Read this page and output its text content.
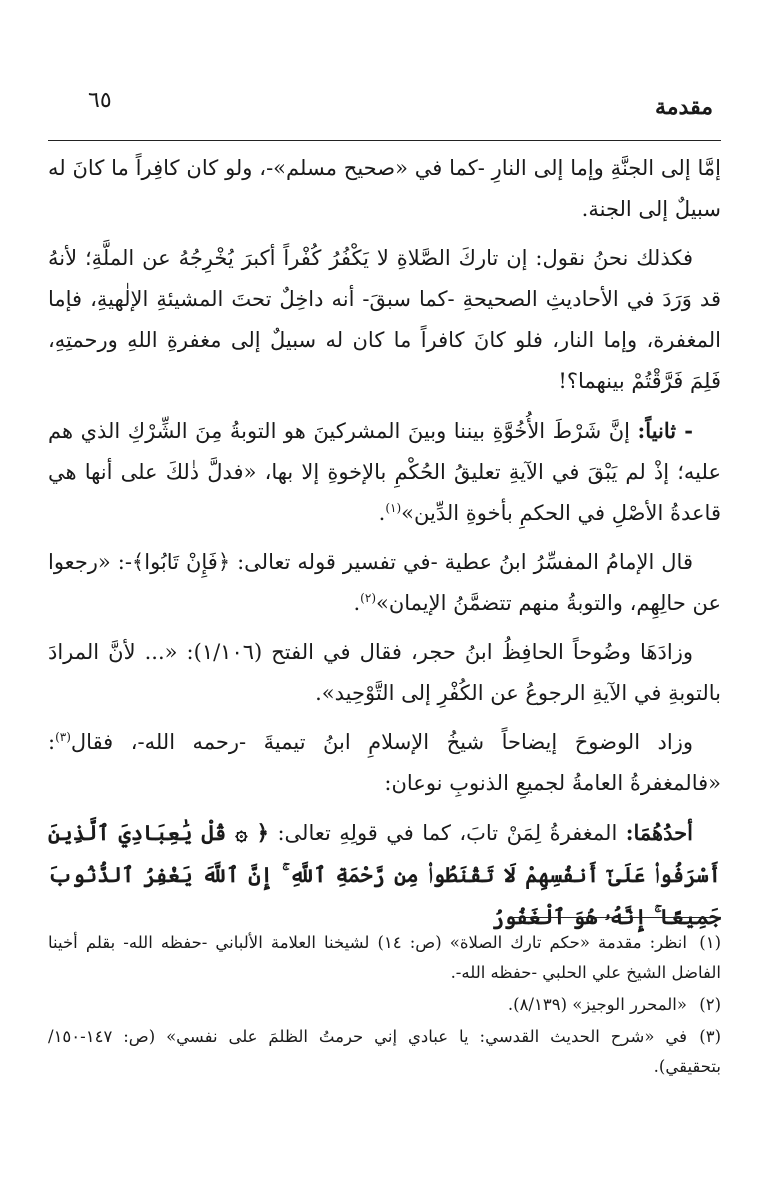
مقدمة
٦٥

إمَّا إلى الجنَّةِ وإما إلى النارِ -كما في «صحيح مسلم»-، ولو كان كافِراً ما كانَ له سبيلٌ إلى الجنة.

فكذلك نحنُ نقول: إن تاركَ الصَّلاةِ لا يَكْفُرُ كُفْراً أكبرَ يُخْرِجُهُ عن الملَّةِ؛ لأنهُ قد وَرَدَ في الأحاديثِ الصحيحةِ -كما سبقَ- أنه داخِلٌ تحتَ المشيئةِ الإلٰهيةِ، فإما المغفرة، وإما النار، فلو كانَ كافراً ما كان له سبيلٌ إلى مغفرةِ اللهِ ورحمتِهِ، فَلِمَ فَرَّقْتُمْ بينهما؟!

- ثانياً: إنَّ شَرْطَ الأُخُوَّةِ بيننا وبينَ المشركينَ هو التوبةُ مِنَ الشِّرْكِ الذي هم عليه؛ إذْ لم يَبْقَ في الآيةِ تعليقُ الحُكْمِ بالإخوةِ إلا بها، «فدلَّ ذٰلكَ على أنها هي قاعدةُ الأصْلِ في الحكمِ بأخوةِ الدِّين»$^{(١)}$.

قال الإمامُ المفسِّرُ ابنُ عطية -في تفسير قوله تعالى: ﴿فَإِنْ تَابُوا﴾-: «رجعوا عن حالِهِم، والتوبةُ منهم تتضمَّنُ الإيمان»$^{(٢)}$.

وزادَهَا وضُوحاً الحافِظُ ابنُ حجر، فقال في الفتح (١/١٠٦): «... لأنَّ المرادَ بالتوبةِ في الآيةِ الرجوعُ عن الكُفْرِ إلى التَّوْحِيد».

وزاد الوضوحَ إيضاحاً شيخُ الإسلامِ ابنُ تيميةَ -رحمه الله-، فقال$^{(٣)}$: «فالمغفرةُ العامةُ لجميعِ الذنوبِ نوعان:

أحدُهُمَا: المغفرةُ لِمَنْ تابَ، كما في قولِهِ تعالى: ﴿ ۞ قُلْ يَٰعِبَادِيَ ٱلَّذِينَ أَسْرَفُوا۟ عَلَىٰٓ أَنفُسِهِمْ لَا تَقْنَطُوا۟ مِن رَّحْمَةِ ٱللَّهِ ۚ إِنَّ ٱللَّهَ يَغْفِرُ ٱلذُّنُوبَ جَمِيعًا ۚ إِنَّهُۥ هُوَ ٱلْغَفُورُ

(١)انظر: مقدمة «حكم تارك الصلاة» (ص: ١٤) لشيخنا العلامة الألباني -حفظه الله- بقلم أخينا الفاضل الشيخ علي الحلبي -حفظه الله-.

(٢)«المحرر الوجيز» (٨/١٣٩).

(٣)في «شرح الحديث القدسي: يا عبادي إني حرمتُ الظلمَ على نفسي» (ص: ١٤٧-١٥٠/ بتحقيقي).
